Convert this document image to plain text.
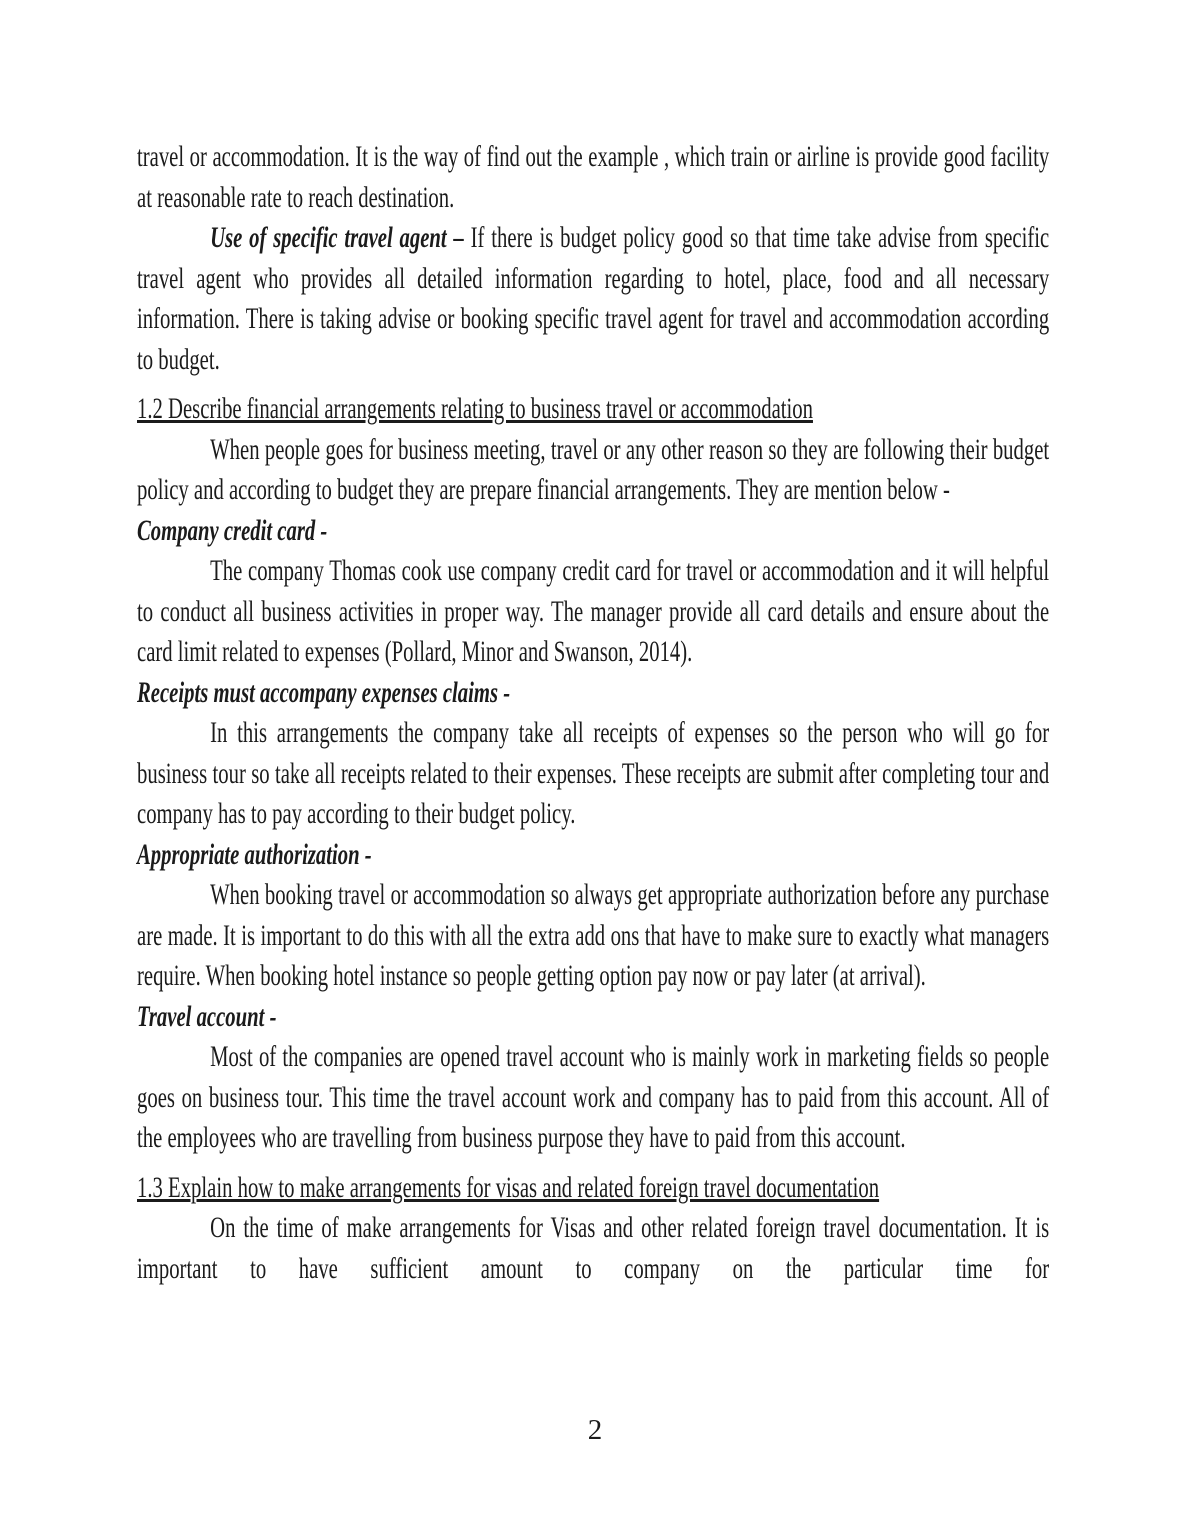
travel or accommodation. It is the way of find out the example , which train or airline is provide good facility at reasonable rate to reach destination.

Use of specific travel agent – If there is budget policy good so that time take advise from specific travel agent who provides all detailed information regarding to hotel, place, food and all necessary information. There is taking advise or booking specific travel agent for travel and accommodation according to budget.

1.2 Describe financial arrangements relating to business travel or accommodation

When people goes for business meeting, travel or any other reason so they are following their budget policy and according to budget they are prepare financial arrangements. They are mention below -

Company credit card -

The company Thomas cook use company credit card for travel or accommodation and it will helpful to conduct all business activities in proper way. The manager provide all card details and ensure about the card limit related to expenses (Pollard, Minor and Swanson, 2014).

Receipts must accompany expenses claims -

In this arrangements the company take all receipts of expenses so the person who will go for business tour so take all receipts related to their expenses. These receipts are submit after completing tour and company has to pay according to their budget policy.

Appropriate authorization -

When booking travel or accommodation so always get appropriate authorization before any purchase are made. It is important to do this with all the extra add ons that have to make sure to exactly what managers require. When booking hotel instance so people getting option pay now or pay later (at arrival).

Travel account -

Most of the companies are opened travel account who is mainly work in marketing fields so people goes on business tour. This time the travel account work and company has to paid from this account. All of the employees who are travelling from business purpose they have to paid from this account.

1.3 Explain how to make arrangements for visas and related foreign travel documentation

On the time of make arrangements for Visas and other related foreign travel documentation. It is important to have sufficient amount to company on the particular time for

2
